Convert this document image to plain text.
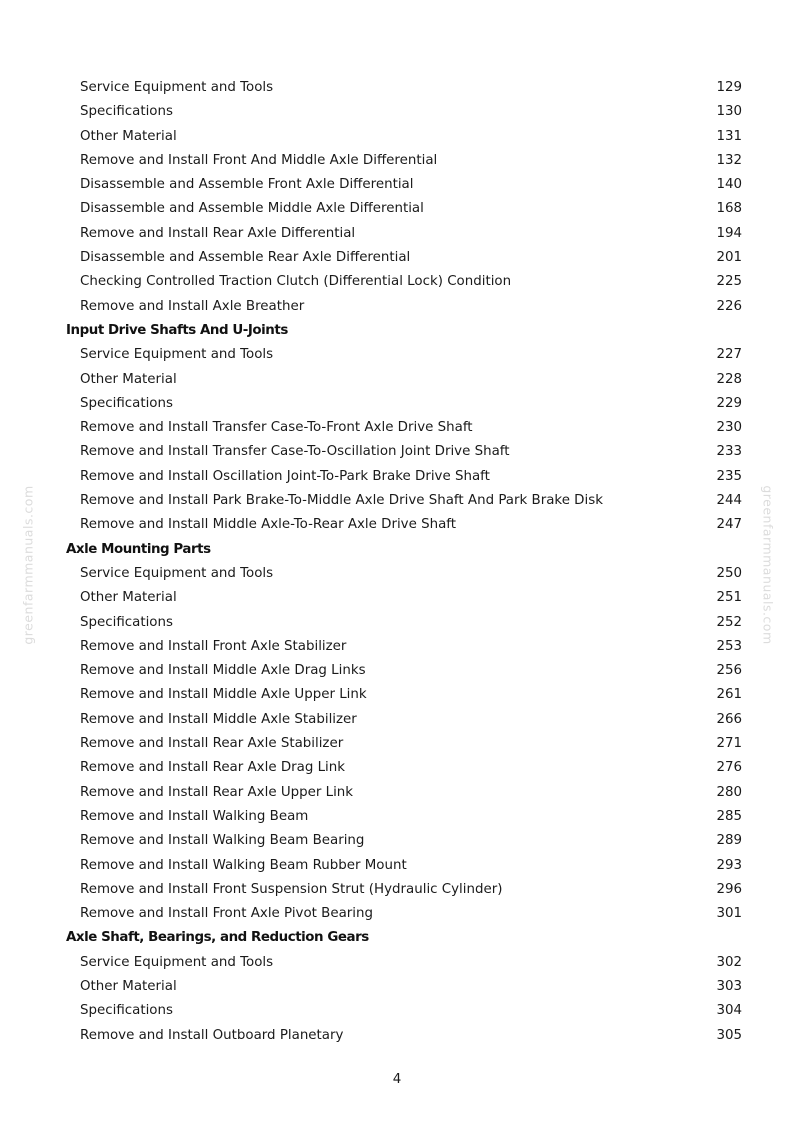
Service Equipment and Tools	129
Specifications	130
Other Material	131
Remove and Install Front And Middle Axle Differential	132
Disassemble and Assemble Front Axle Differential	140
Disassemble and Assemble Middle Axle Differential	168
Remove and Install Rear Axle Differential	194
Disassemble and Assemble Rear Axle Differential	201
Checking Controlled Traction Clutch (Differential Lock) Condition	225
Remove and Install Axle Breather	226
Input Drive Shafts And U-Joints
Service Equipment and Tools	227
Other Material	228
Specifications	229
Remove and Install Transfer Case-To-Front Axle Drive Shaft	230
Remove and Install Transfer Case-To-Oscillation Joint Drive Shaft	233
Remove and Install Oscillation Joint-To-Park Brake Drive Shaft	235
Remove and Install Park Brake-To-Middle Axle Drive Shaft And Park Brake Disk	244
Remove and Install Middle Axle-To-Rear Axle Drive Shaft	247
Axle Mounting Parts
Service Equipment and Tools	250
Other Material	251
Specifications	252
Remove and Install Front Axle Stabilizer	253
Remove and Install Middle Axle Drag Links	256
Remove and Install Middle Axle Upper Link	261
Remove and Install Middle Axle Stabilizer	266
Remove and Install Rear Axle Stabilizer	271
Remove and Install Rear Axle Drag Link	276
Remove and Install Rear Axle Upper Link	280
Remove and Install Walking Beam	285
Remove and Install Walking Beam Bearing	289
Remove and Install Walking Beam Rubber Mount	293
Remove and Install Front Suspension Strut (Hydraulic Cylinder)	296
Remove and Install Front Axle Pivot Bearing	301
Axle Shaft, Bearings, and Reduction Gears
Service Equipment and Tools	302
Other Material	303
Specifications	304
Remove and Install Outboard Planetary	305
4
greenfarmmanuals.com	greenfarmmanuals.com
